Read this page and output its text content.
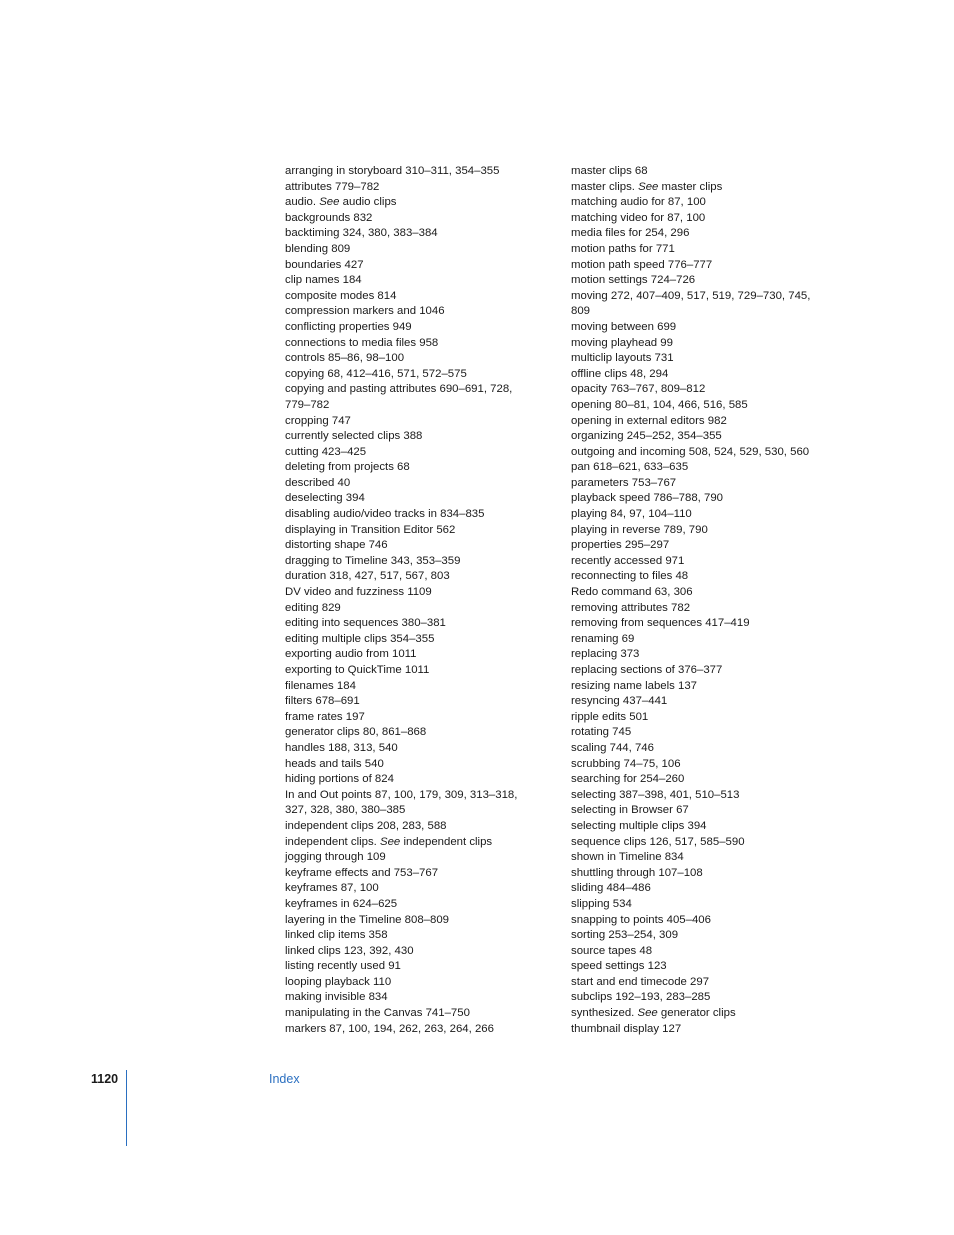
arranging in storyboard 310–311, 354–355

attributes 779–782

audio. See audio clips

backgrounds 832

backtiming 324, 380, 383–384

blending 809

boundaries 427

clip names 184

composite modes 814

compression markers and 1046

conflicting properties 949

connections to media files 958

controls 85–86, 98–100

copying 68, 412–416, 571, 572–575

copying and pasting attributes 690–691, 728, 779–782

cropping 747

currently selected clips 388

cutting 423–425

deleting from projects 68

described 40

deselecting 394

disabling audio/video tracks in 834–835

displaying in Transition Editor 562

distorting shape 746

dragging to Timeline 343, 353–359

duration 318, 427, 517, 567, 803

DV video and fuzziness 1109

editing 829

editing into sequences 380–381

editing multiple clips 354–355

exporting audio from 1011

exporting to QuickTime 1011

filenames 184

filters 678–691

frame rates 197

generator clips 80, 861–868

handles 188, 313, 540

heads and tails 540

hiding portions of 824

In and Out points 87, 100, 179, 309, 313–318, 327, 328, 380, 380–385

independent clips 208, 283, 588

independent clips. See independent clips

jogging through 109

keyframe effects and 753–767

keyframes 87, 100

keyframes in 624–625

layering in the Timeline 808–809

linked clip items 358

linked clips 123, 392, 430

listing recently used 91

looping playback 110

making invisible 834

manipulating in the Canvas 741–750

markers 87, 100, 194, 262, 263, 264, 266

master clips 68

master clips. See master clips

matching audio for 87, 100

matching video for 87, 100

media files for 254, 296

motion paths for 771

motion path speed 776–777

motion settings 724–726

moving 272, 407–409, 517, 519, 729–730, 745, 809

moving between 699

moving playhead 99

multiclip layouts 731

offline clips 48, 294

opacity 763–767, 809–812

opening 80–81, 104, 466, 516, 585

opening in external editors 982

organizing 245–252, 354–355

outgoing and incoming 508, 524, 529, 530, 560

pan 618–621, 633–635

parameters 753–767

playback speed 786–788, 790

playing 84, 97, 104–110

playing in reverse 789, 790

properties 295–297

recently accessed 971

reconnecting to files 48

Redo command 63, 306

removing attributes 782

removing from sequences 417–419

renaming 69

replacing 373

replacing sections of 376–377

resizing name labels 137

resyncing 437–441

ripple edits 501

rotating 745

scaling 744, 746

scrubbing 74–75, 106

searching for 254–260

selecting 387–398, 401, 510–513

selecting in Browser 67

selecting multiple clips 394

sequence clips 126, 517, 585–590

shown in Timeline 834

shuttling through 107–108

sliding 484–486

slipping 534

snapping to points 405–406

sorting 253–254, 309

source tapes 48

speed settings 123

start and end timecode 297

subclips 192–193, 283–285

synthesized. See generator clips

thumbnail display 127

1120	Index
